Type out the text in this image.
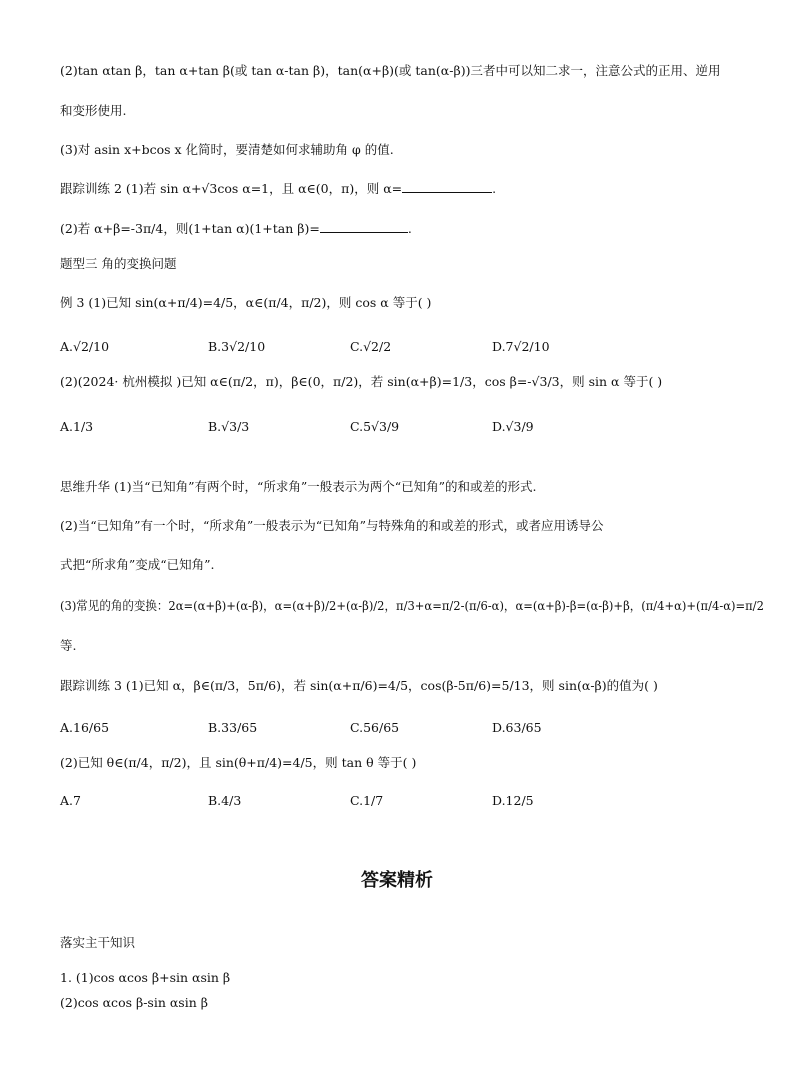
(2)tan αtan β，tan α+tan β(或 tan α-tan β)，tan(α+β)(或 tan(α-β))三者中可以知二求一，注意公式的正用、逆用
和变形使用.
(3)对 asin x+bcos x 化简时，要清楚如何求辅助角 φ 的值.
跟踪训练 2 (1)若 sin α+√3cos α=1，且 α∈(0，π)，则 α=	.
(2)若 α+β=-3π/4，则(1+tan α)(1+tan β)=	.
题型三 角的变换问题
例 3 (1)已知 sin(α+π/4)=4/5，α∈(π/4，π/2)，则 cos α 等于( )
A.√2/10	B.3√2/10	C.√2/2	D.7√2/10
(2)(2024· 杭州模拟 )已知 α∈(π/2，π)，β∈(0，π/2)，若 sin(α+β)=1/3，cos β=-√3/3，则 sin α 等于( )
A.1/3	B.√3/3	C.5√3/9	D.√3/9
思维升华 (1)当“已知角”有两个时，“所求角”一般表示为两个“已知角”的和或差的形式.
(2)当“已知角”有一个时，“所求角”一般表示为“已知角”与特殊角的和或差的形式，或者应用诱导公
式把“所求角”变成“已知角”.
(3)常见的角的变换：2α=(α+β)+(α-β)，α=(α+β)/2+(α-β)/2，π/3+α=π/2-(π/6-α)，α=(α+β)-β=(α-β)+β，(π/4+α)+(π/4-α)=π/2
等.
跟踪训练 3 (1)已知 α，β∈(π/3，5π/6)，若 sin(α+π/6)=4/5，cos(β-5π/6)=5/13，则 sin(α-β)的值为( )
A.16/65	B.33/65	C.56/65	D.63/65
(2)已知 θ∈(π/4，π/2)，且 sin(θ+π/4)=4/5，则 tan θ 等于( )
A.7	B.4/3	C.1/7	D.12/5
答案精析
落实主干知识
1. (1)cos αcos β+sin αsin β
(2)cos αcos β-sin αsin β
